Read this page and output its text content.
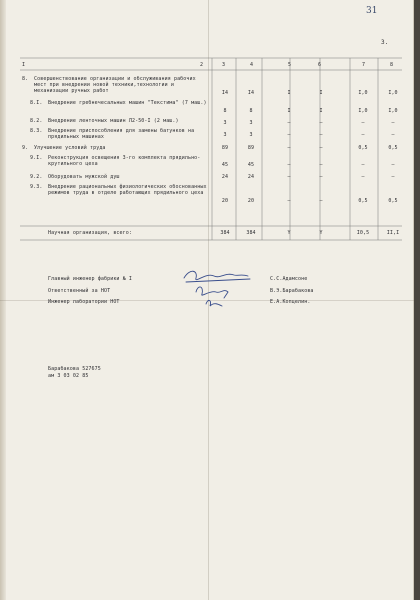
31
3.
I	2	3	4	5	6	7	8
8. Совершенствование организации и обслуживания рабочих мест при внедрении новой техники,технологии и механизации ручных работ	I4	I4	I	I	I,0	I,0
8.I. Внедрение гребнечесальных машин "Текстима" (7 маш.)
8	8	I	I	I,0	I,0
8.2. Внедрение ленточных машин Л2-50-I (2 маш.)	3	3	–	–	–	–
8.3. Внедрение приспособления для замены батунков на прядильных машинах	3	3	–	–	–	–
9. Улучшение условий труда	89	89	–	–	0,5	0,5
9.I. Реконструкция освещения 3-го комплекта прядильно-крутильного цеха	45	45	–	–	–	–
9.2. Оборудовать мужской душ	24	24	–	–	–	–
9.3. Внедрение рациональных физиологических обоснованных режимов труда в отделе работающих прядильного цеха
20	20	–	–	0,5	0,5
Научная организация, всего:	384	384	Y	Y	I0,5	II,I
Главный инженер фабрики № I	С.С.Адамсоне
Ответственный за НОТ	В.Э.Барабакова
Инженер лаборатории НОТ	Е.А.Копцелин.
Барабакова 527675
ам 3 03 02 85
